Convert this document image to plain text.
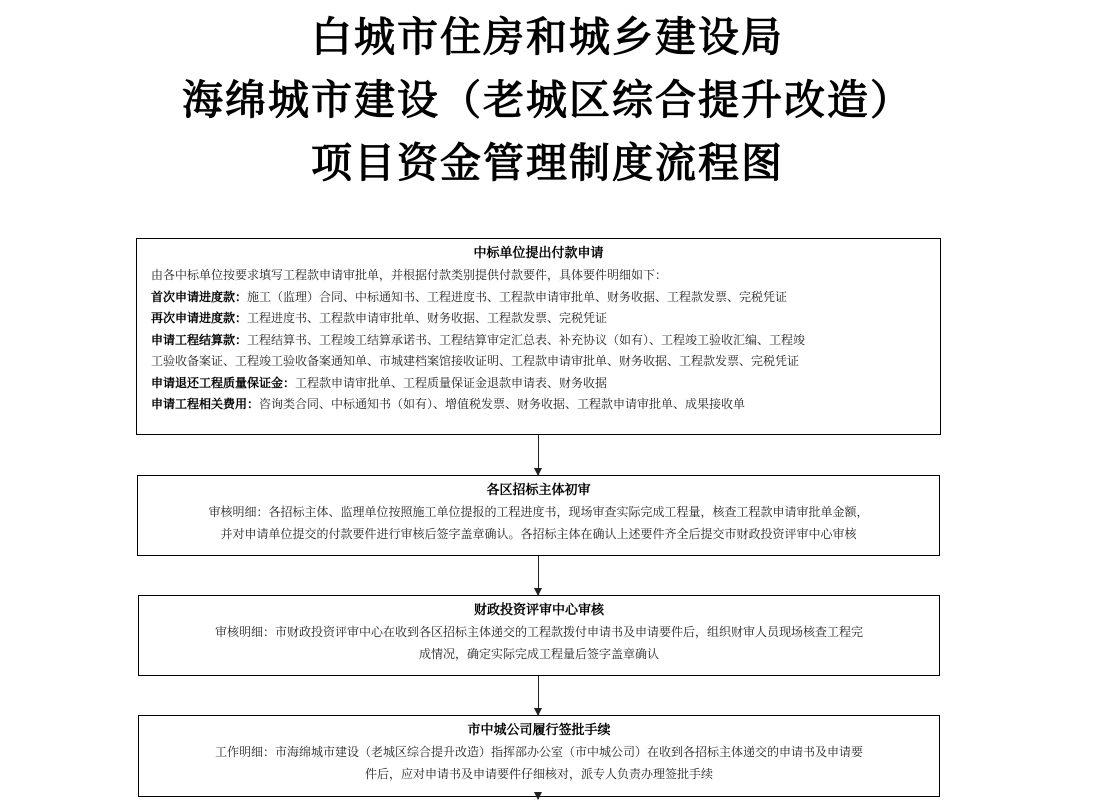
白城市住房和城乡建设局
海绵城市建设（老城区综合提升改造）
项目资金管理制度流程图
中标单位提出付款申请
由各中标单位按要求填写工程款申请审批单，并根据付款类别提供付款要件，具体要件明细如下：
首次申请进度款：施工（监理）合同、中标通知书、工程进度书、工程款申请审批单、财务收据、工程款发票、完税凭证
再次申请进度款：工程进度书、工程款申请审批单、财务收据、工程款发票、完税凭证
申请工程结算款：工程结算书、工程竣工结算承诺书、工程结算审定汇总表、补充协议（如有）、工程竣工验收汇编、工程竣
工验收备案证、工程竣工验收备案通知单、市城建档案馆接收证明、工程款申请审批单、财务收据、工程款发票、完税凭证
申请退还工程质量保证金：工程款申请审批单、工程质量保证金退款申请表、财务收据
申请工程相关费用：咨询类合同、中标通知书（如有）、增值税发票、财务收据、工程款申请审批单、成果接收单
各区招标主体初审
审核明细：各招标主体、监理单位按照施工单位提报的工程进度书，现场审查实际完成工程量，核查工程款申请审批单金额，
并对申请单位提交的付款要件进行审核后签字盖章确认。各招标主体在确认上述要件齐全后提交市财政投资评审中心审核
财政投资评审中心审核
审核明细：市财政投资评审中心在收到各区招标主体递交的工程款拨付申请书及申请要件后，组织财审人员现场核查工程完
成情况，确定实际完成工程量后签字盖章确认
市中城公司履行签批手续
工作明细：市海绵城市建设（老城区综合提升改造）指挥部办公室（市中城公司）在收到各招标主体递交的申请书及申请要
件后，应对申请书及申请要件仔细核对，派专人负责办理签批手续
